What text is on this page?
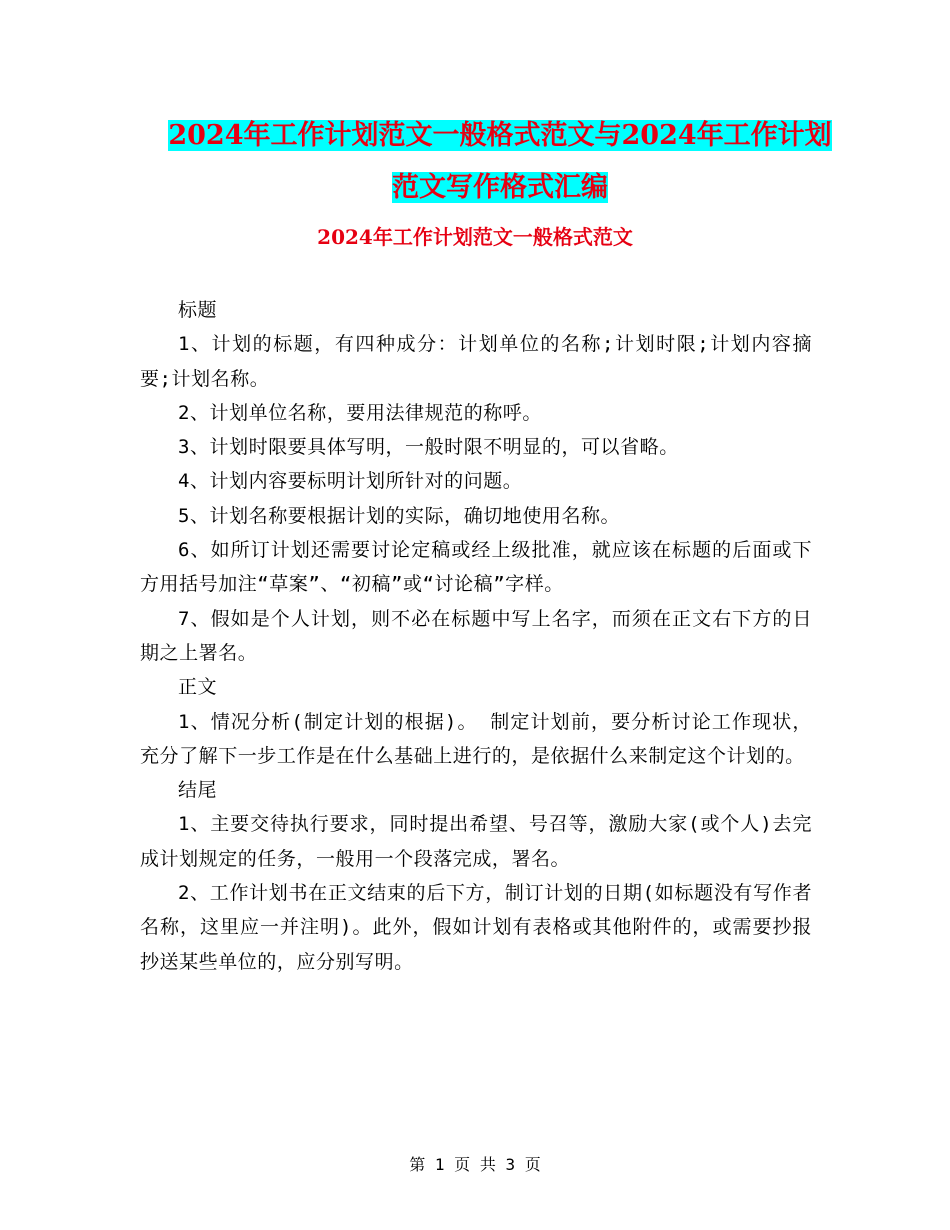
2024年工作计划范文一般格式范文与2024年工作计划
范文写作格式汇编
2024年工作计划范文一般格式范文

标题

1、计划的标题，有四种成分：计划单位的名称;计划时限;计划内容摘要;计划名称。

2、计划单位名称，要用法律规范的称呼。

3、计划时限要具体写明，一般时限不明显的，可以省略。

4、计划内容要标明计划所针对的问题。

5、计划名称要根据计划的实际，确切地使用名称。

6、如所订计划还需要讨论定稿或经上级批准，就应该在标题的后面或下方用括号加注“草案”、“初稿”或“讨论稿”字样。

7、假如是个人计划，则不必在标题中写上名字，而须在正文右下方的日期之上署名。

正文

1、情况分析(制定计划的根据)。 制定计划前，要分析讨论工作现状，充分了解下一步工作是在什么基础上进行的，是依据什么来制定这个计划的。

结尾

1、主要交待执行要求，同时提出希望、号召等，激励大家(或个人)去完成计划规定的任务，一般用一个段落完成，署名。

2、工作计划书在正文结束的后下方，制订计划的日期(如标题没有写作者名称，这里应一并注明)。此外，假如计划有表格或其他附件的，或需要抄报抄送某些单位的，应分别写明。

第 1 页 共 3 页
